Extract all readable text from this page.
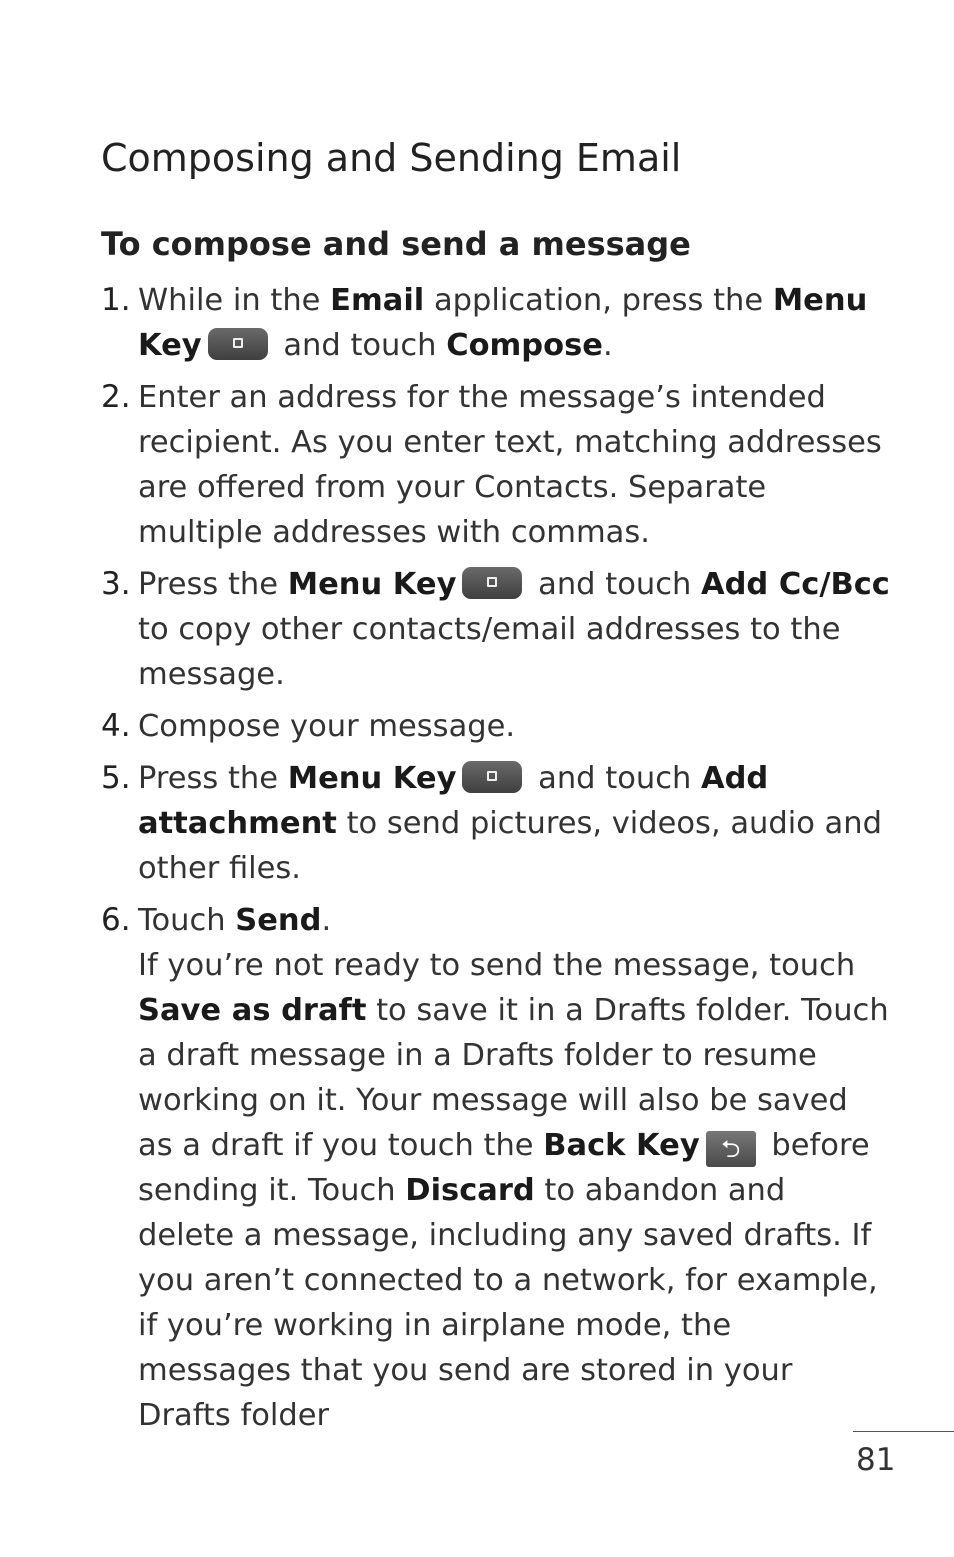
Composing and Sending Email
To compose and send a message
1. While in the Email application, press the Menu Key and touch Compose.
2. Enter an address for the message’s intended recipient. As you enter text, matching addresses are offered from your Contacts. Separate multiple addresses with commas.
3. Press the Menu Key and touch Add Cc/Bcc to copy other contacts/email addresses to the message.
4. Compose your message.
5. Press the Menu Key and touch Add attachment to send pictures, videos, audio and other files.
6. Touch Send.
If you’re not ready to send the message, touch Save as draft to save it in a Drafts folder. Touch a draft message in a Drafts folder to resume working on it. Your message will also be saved as a draft if you touch the Back Key ⮌ before sending it. Touch Discard to abandon and delete a message, including any saved drafts. If you aren’t connected to a network, for example, if you’re working in airplane mode, the messages that you send are stored in your Drafts folder
81
